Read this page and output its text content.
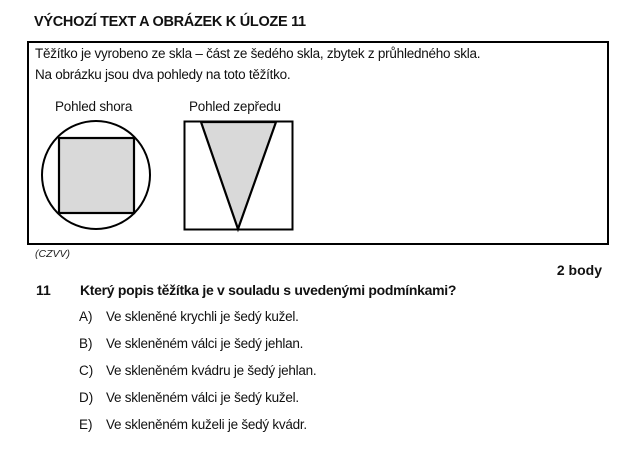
VÝCHOZÍ TEXT A OBRÁZEK K ÚLOZE 11
Těžítko je vyrobeno ze skla – část ze šedého skla, zbytek z průhledného skla.
Na obrázku jsou dva pohledy na toto těžítko.
Pohled shora	Pohled zepředu
(CZVV)
2 body
11 Který popis těžítka je v souladu s uvedenými podmínkami?
A) Ve skleněné krychli je šedý kužel.
B) Ve skleněném válci je šedý jehlan.
C) Ve skleněném kvádru je šedý jehlan.
D) Ve skleněném válci je šedý kužel.
E) Ve skleněném kuželi je šedý kvádr.
